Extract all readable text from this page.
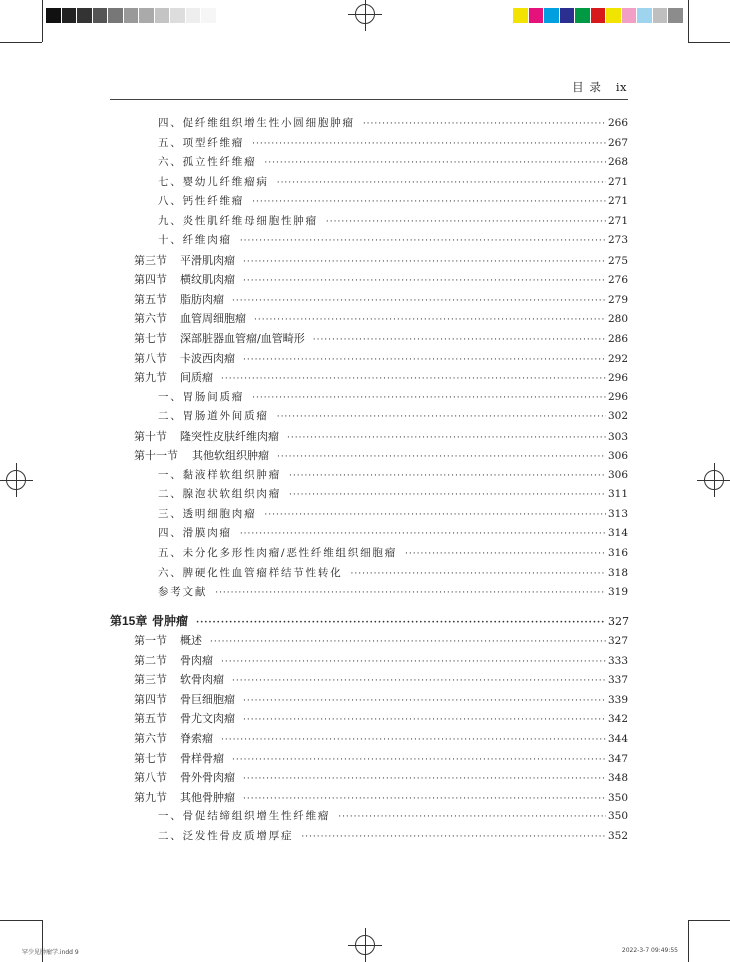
目 录 ix
四、促纤维组织增生性小圆细胞肿瘤 ·····	266
五、项型纤维瘤 ·····	267
六、孤立性纤维瘤 ·····	268
七、婴幼儿纤维瘤病 ·····	271
八、钙性纤维瘤 ·····	271
九、炎性肌纤维母细胞性肿瘤 ·····	271
十、纤维肉瘤 ·····	273
第三节 平滑肌肉瘤 ·····	275
第四节 横纹肌肉瘤 ·····	276
第五节 脂肪肉瘤 ·····	279
第六节 血管周细胞瘤 ·····	280
第七节 深部脏器血管瘤/血管畸形 ·····	286
第八节 卡波西肉瘤 ·····	292
第九节 间质瘤 ·····	296
一、胃肠间质瘤 ·····	296
二、胃肠道外间质瘤 ·····	302
第十节 隆突性皮肤纤维肉瘤 ·····	303
第十一节 其他软组织肿瘤 ·····	306
一、黏液样软组织肿瘤 ·····	306
二、腺泡状软组织肉瘤 ·····	311
三、透明细胞肉瘤 ·····	313
四、滑膜肉瘤 ·····	314
五、未分化多形性肉瘤/恶性纤维组织细胞瘤 ·····	316
六、脾硬化性血管瘤样结节性转化 ·····	318
参考文献 ·····	319
第15章 骨肿瘤 ·····	327
第一节 概述 ·····	327
第二节 骨肉瘤 ·····	333
第三节 软骨肉瘤 ·····	337
第四节 骨巨细胞瘤 ·····	339
第五节 骨尤文肉瘤 ·····	342
第六节 脊索瘤 ·····	344
第七节 骨样骨瘤 ·····	347
第八节 骨外骨肉瘤 ·····	348
第九节 其他骨肿瘤 ·····	350
一、骨促结缔组织增生性纤维瘤 ·····	350
二、泛发性骨皮质增厚症 ·····	352
罕少见肿瘤学.indd 9	2022-3-7 09:49:55
